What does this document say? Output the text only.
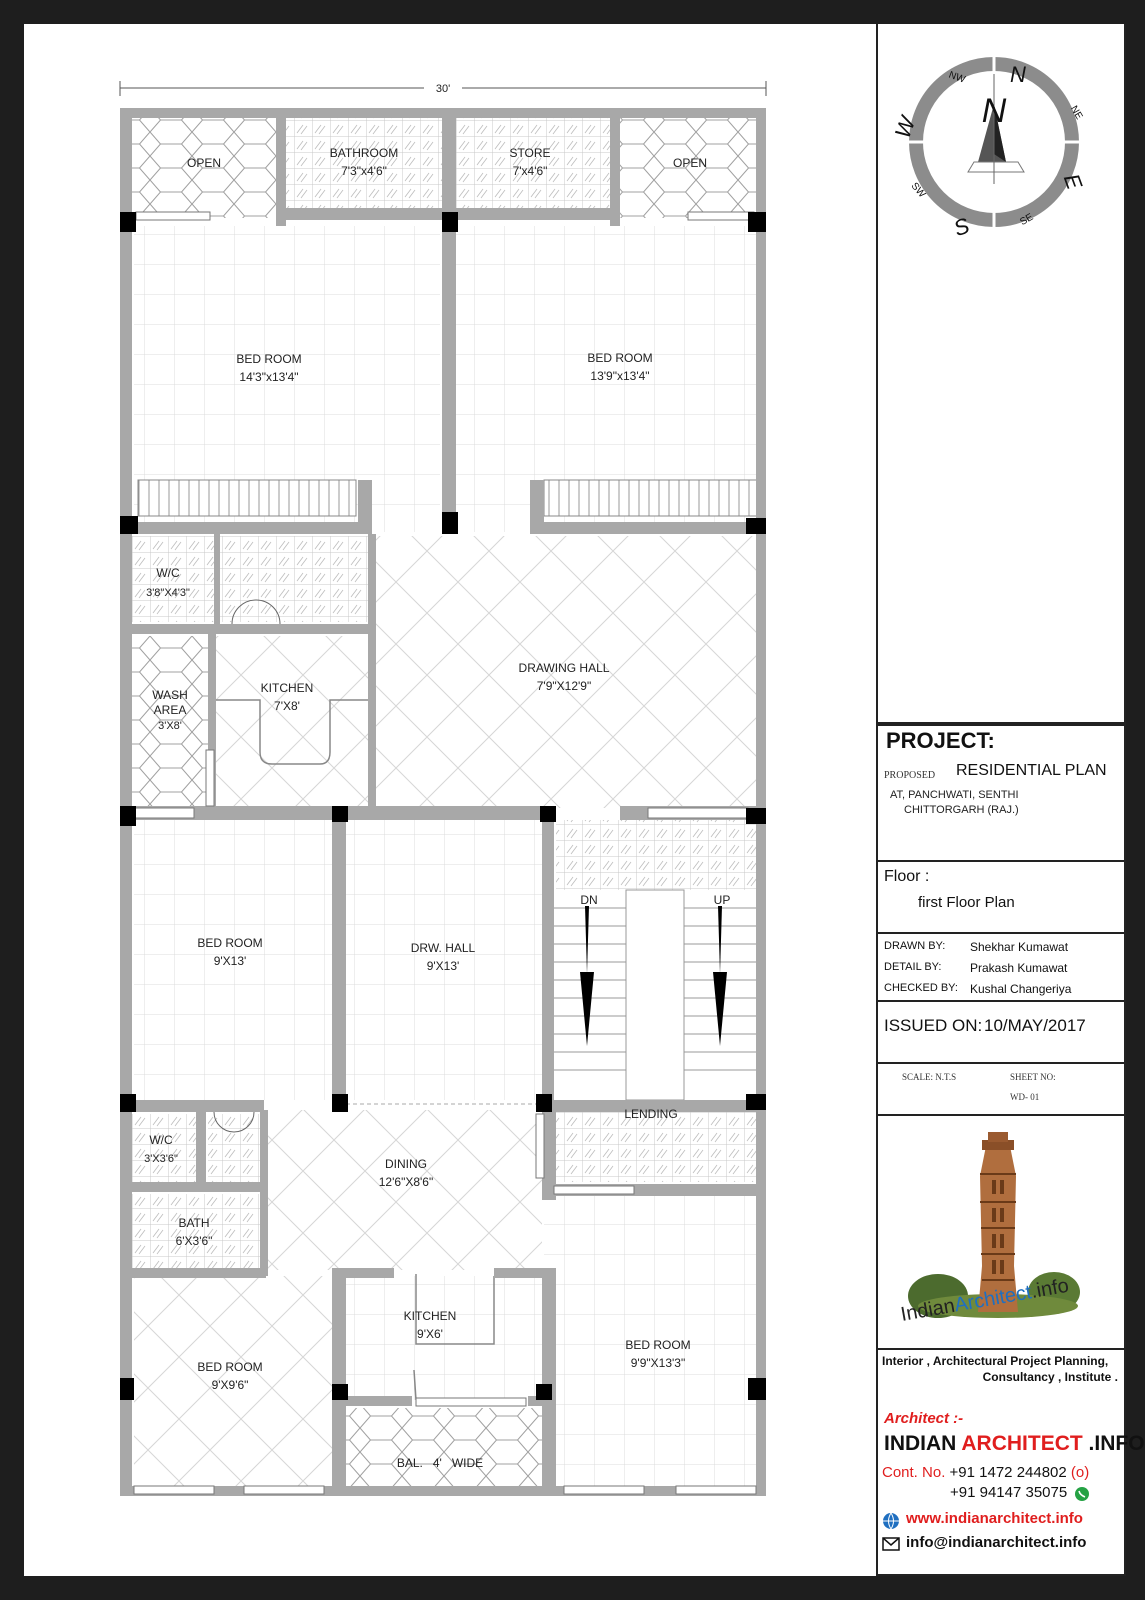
30'
OPEN
BATHROOM
7'3"x4'6"
STORE
7'x4'6"
OPEN
BED ROOM
14'3"x13'4"
BED ROOM
13'9"x13'4"
W/C
3'8"X4'3"
WASH
AREA
3'X8'
KITCHEN
7'X8'
DRAWING HALL
7'9"X12'9"
BED ROOM
9'X13'
DRW. HALL
9'X13'
DN	UP
LENDING
W/C
3'X3'6"	DINING
12'6"X8'6"
BATH
6'X3'6"
KITCHEN
9'X6'
BED ROOM
9'X9'6"
BED ROOM
9'9"X13'3"
BAL.   4'   WIDE
N
N
S
E
W
NE
NW
SE
SW
PROJECT:
PROPOSED RESIDENTIAL PLAN
AT, PANCHWATI, SENTHI
CHITTORGARH (RAJ.)
Floor :
first Floor Plan
DRAWN BY: Shekhar Kumawat
DETAIL BY: Prakash Kumawat
CHECKED BY: Kushal Changeriya
ISSUED ON: 10/MAY/2017
SCALE: N.T.S	SHEET NO:
WD- 01
IndianArchitect.info
Interior , Architectural Project Planning,
Consultancy , Institute .
Architect :-
INDIAN ARCHITECT .INFO
Cont. No. +91 1472 244802 (o)
+91 94147 35075
www.indianarchitect.info
info@indianarchitect.info
